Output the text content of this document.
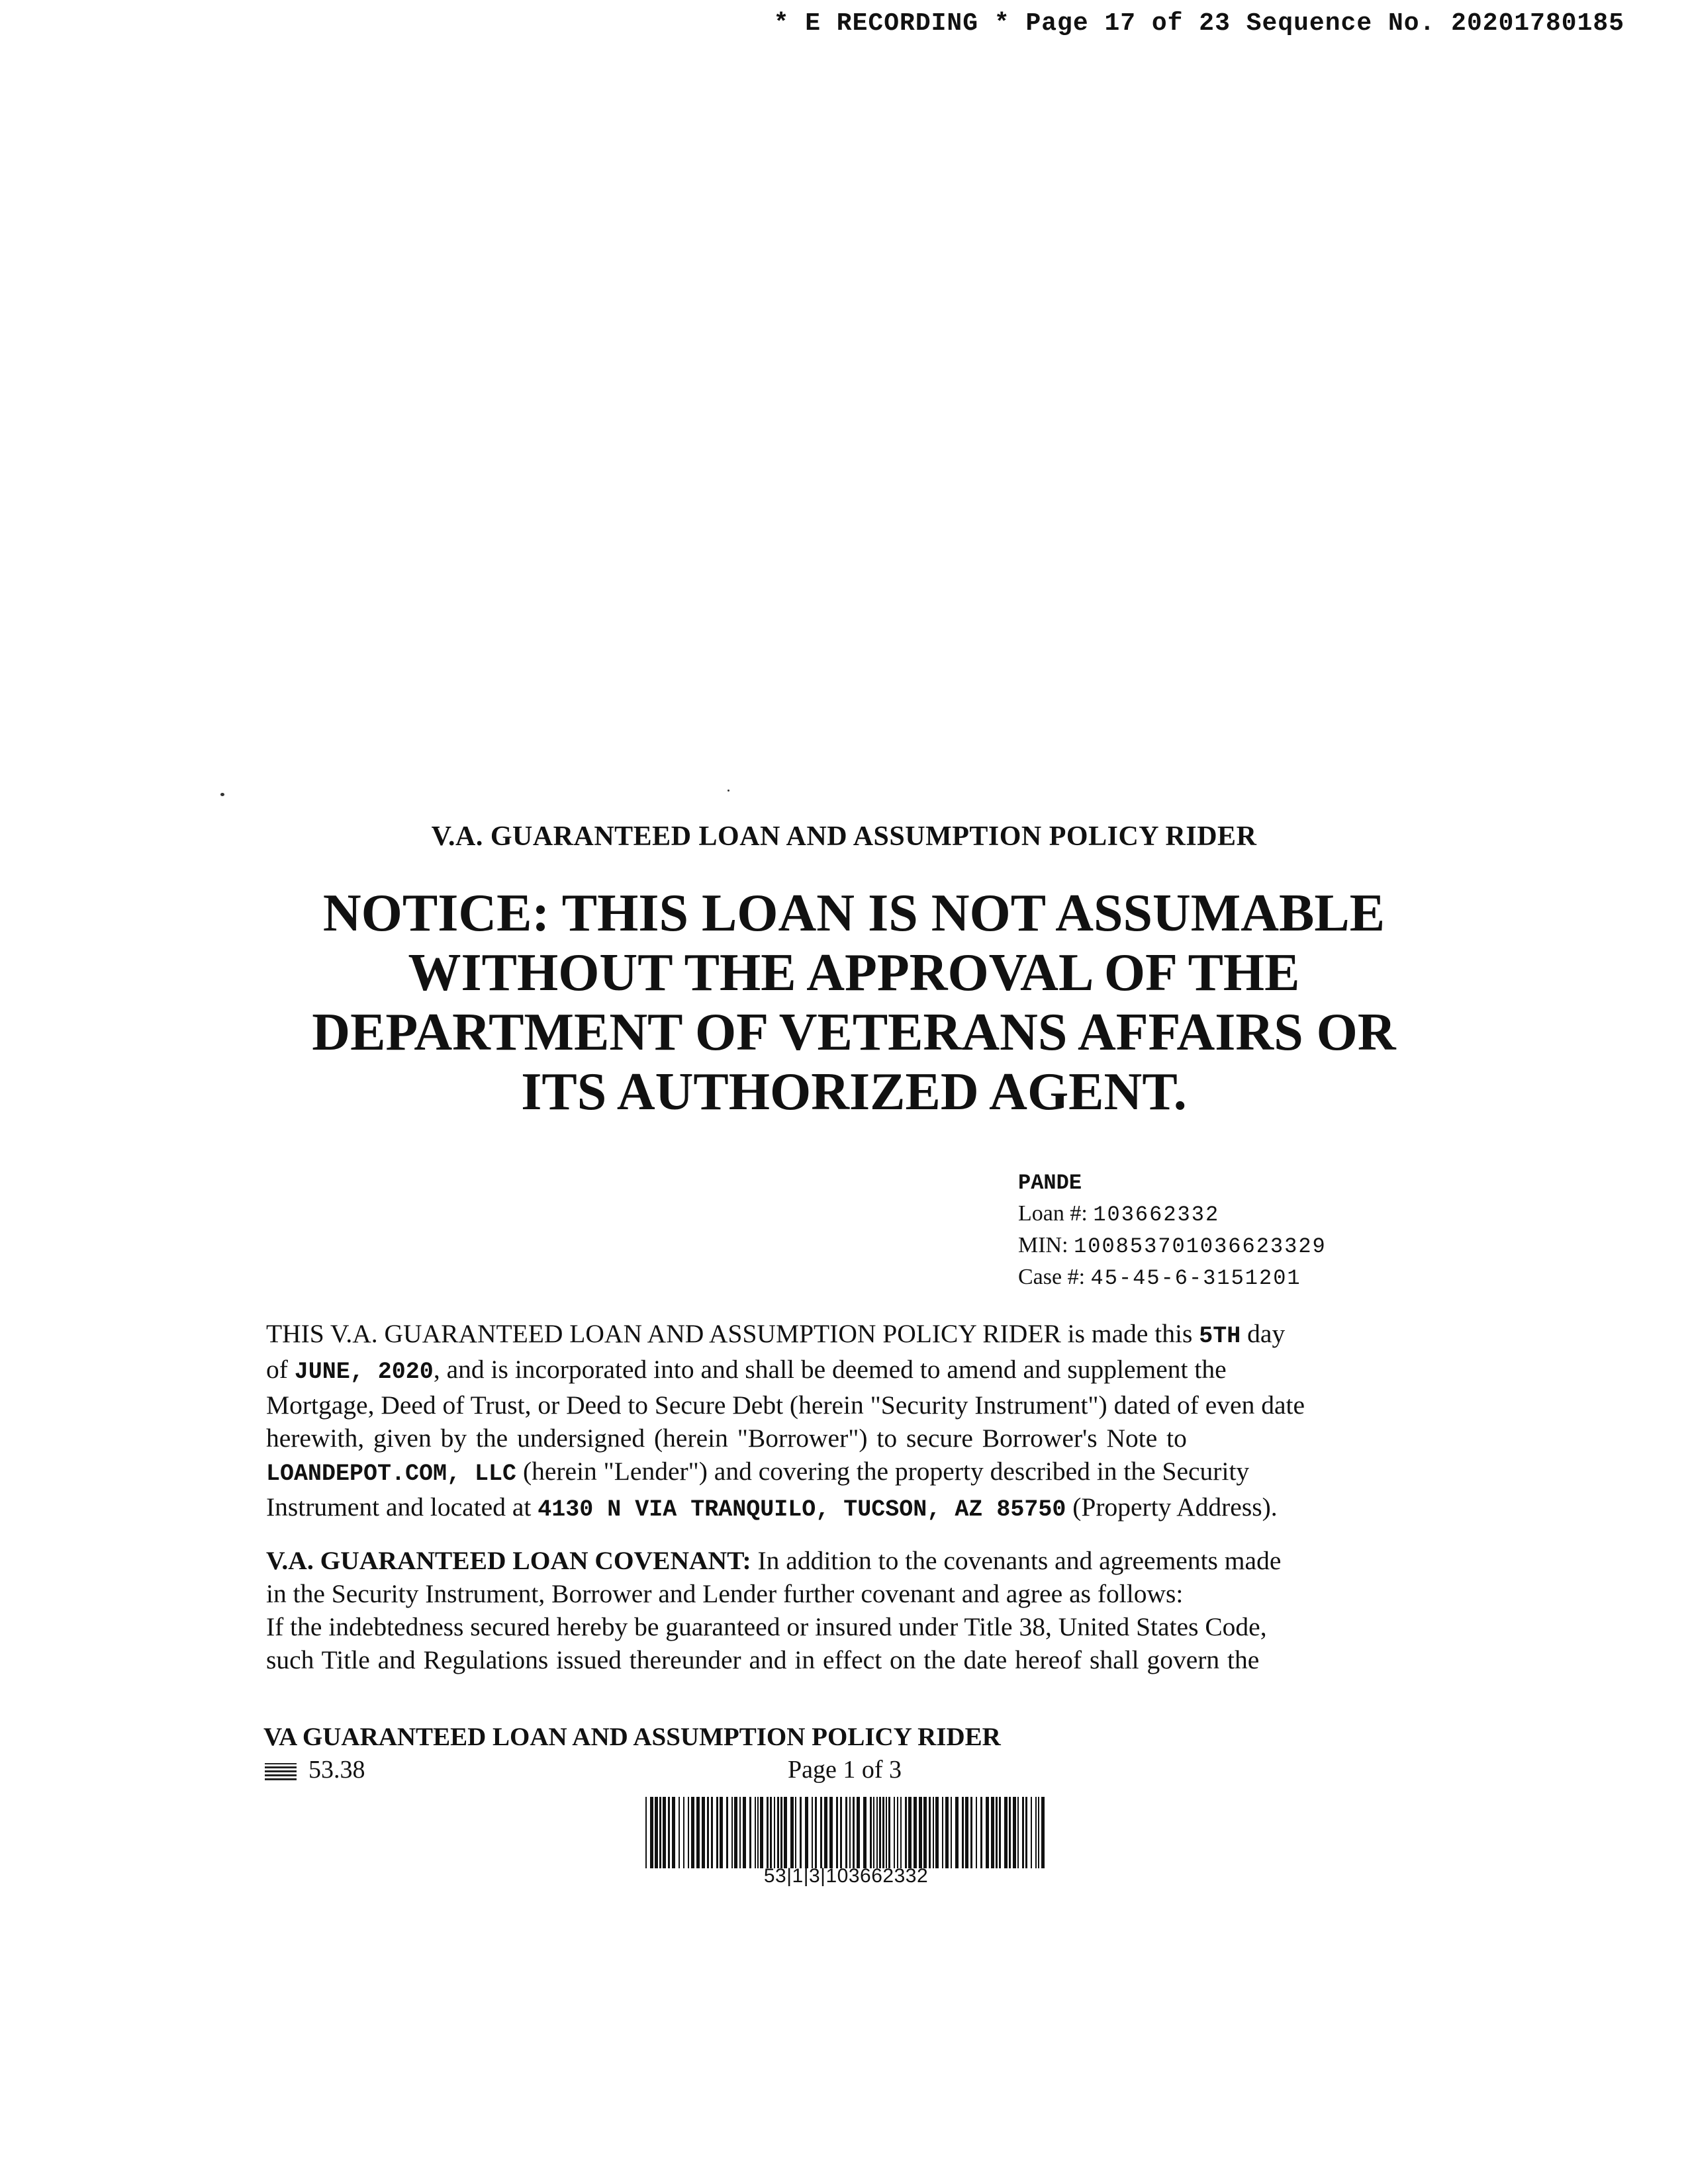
* E RECORDING * Page 17 of 23 Sequence No. 20201780185
V.A. GUARANTEED LOAN AND ASSUMPTION POLICY RIDER
NOTICE: THIS LOAN IS NOT ASSUMABLE
WITHOUT THE APPROVAL OF THE
DEPARTMENT OF VETERANS AFFAIRS OR
ITS AUTHORIZED AGENT.
PANDE
Loan #: 103662332
MIN: 100853701036623329
Case #: 45-45-6-3151201
THIS V.A. GUARANTEED LOAN AND ASSUMPTION POLICY RIDER is made this 5TH day
of JUNE, 2020, and is incorporated into and shall be deemed to amend and supplement the
Mortgage, Deed of Trust, or Deed to Secure Debt (herein "Security Instrument") dated of even date
herewith, given by the undersigned (herein "Borrower") to secure Borrower's Note to
LOANDEPOT.COM, LLC (herein "Lender") and covering the property described in the Security
Instrument and located at 4130 N VIA TRANQUILO, TUCSON, AZ 85750 (Property Address).
V.A. GUARANTEED LOAN COVENANT: In addition to the covenants and agreements made
in the Security Instrument, Borrower and Lender further covenant and agree as follows:
If the indebtedness secured hereby be guaranteed or insured under Title 38, United States Code,
such Title and Regulations issued thereunder and in effect on the date hereof shall govern the
VA GUARANTEED LOAN AND ASSUMPTION POLICY RIDER
53.38	Page 1 of 3
53|1|3|103662332
